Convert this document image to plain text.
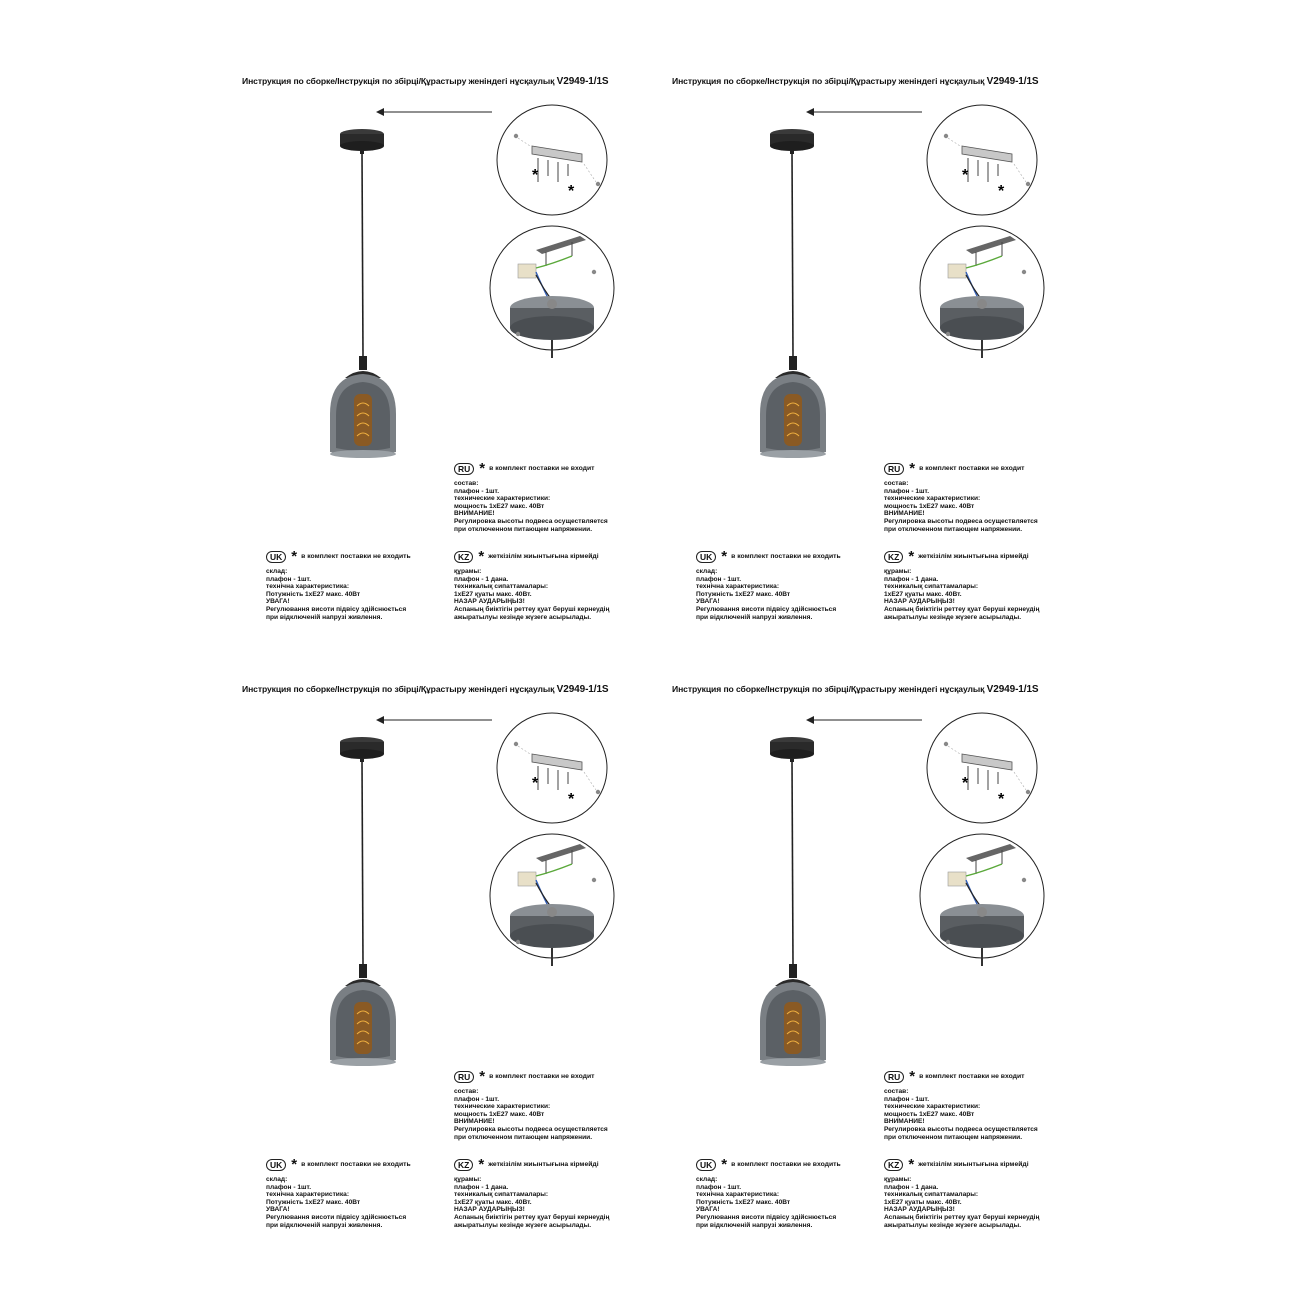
Инструкция по сборке/Інструкція по збірці/Құрастыру женіндегі нұсқаулық V2949-1/1S
*
*
RU * в комплект поставки не входит
состав:
плафон - 1шт.
технические характеристики:
мощность 1хЕ27 макс. 40Вт
ВНИМАНИЕ!
Регулировка высоты подвеса осуществляется
при отключенном питающем напряжении.
UK * в комплект поставки не входить
склад:
плафон - 1шт.
технічна характеристика:
Потужність 1хЕ27 макс. 40Вт
УВАГА!
Регулювання висоти підвісу здійснюється
при відключеній напрузі живлення.
KZ * жеткізілім жиынтығына кірмейді
құрамы:
плафон - 1 дана.
техникалық сипаттамалары:
1хЕ27 қуаты макс. 40Вт.
НАЗАР АУДАРЫҢЫЗ!
Аспаның биіктігін реттеу қуат беруші кернеудің
ажыратылуы кезінде жүзеге асырылады.
Инструкция по сборке/Інструкція по збірці/Құрастыру женіндегі нұсқаулық V2949-1/1S
*
*
RU * в комплект поставки не входит
состав:
плафон - 1шт.
технические характеристики:
мощность 1хЕ27 макс. 40Вт
ВНИМАНИЕ!
Регулировка высоты подвеса осуществляется
при отключенном питающем напряжении.
UK * в комплект поставки не входить
склад:
плафон - 1шт.
технічна характеристика:
Потужність 1хЕ27 макс. 40Вт
УВАГА!
Регулювання висоти підвісу здійснюється
при відключеній напрузі живлення.
KZ * жеткізілім жиынтығына кірмейді
құрамы:
плафон - 1 дана.
техникалық сипаттамалары:
1хЕ27 қуаты макс. 40Вт.
НАЗАР АУДАРЫҢЫЗ!
Аспаның биіктігін реттеу қуат беруші кернеудің
ажыратылуы кезінде жүзеге асырылады.
Инструкция по сборке/Інструкція по збірці/Құрастыру женіндегі нұсқаулық V2949-1/1S
*
*
RU * в комплект поставки не входит
состав:
плафон - 1шт.
технические характеристики:
мощность 1хЕ27 макс. 40Вт
ВНИМАНИЕ!
Регулировка высоты подвеса осуществляется
при отключенном питающем напряжении.
UK * в комплект поставки не входить
склад:
плафон - 1шт.
технічна характеристика:
Потужність 1хЕ27 макс. 40Вт
УВАГА!
Регулювання висоти підвісу здійснюється
при відключеній напрузі живлення.
KZ * жеткізілім жиынтығына кірмейді
құрамы:
плафон - 1 дана.
техникалық сипаттамалары:
1хЕ27 қуаты макс. 40Вт.
НАЗАР АУДАРЫҢЫЗ!
Аспаның биіктігін реттеу қуат беруші кернеудің
ажыратылуы кезінде жүзеге асырылады.
Инструкция по сборке/Інструкція по збірці/Құрастыру женіндегі нұсқаулық V2949-1/1S
*
*
RU * в комплект поставки не входит
состав:
плафон - 1шт.
технические характеристики:
мощность 1хЕ27 макс. 40Вт
ВНИМАНИЕ!
Регулировка высоты подвеса осуществляется
при отключенном питающем напряжении.
UK * в комплект поставки не входить
склад:
плафон - 1шт.
технічна характеристика:
Потужність 1хЕ27 макс. 40Вт
УВАГА!
Регулювання висоти підвісу здійснюється
при відключеній напрузі живлення.
KZ * жеткізілім жиынтығына кірмейді
құрамы:
плафон - 1 дана.
техникалық сипаттамалары:
1хЕ27 қуаты макс. 40Вт.
НАЗАР АУДАРЫҢЫЗ!
Аспаның биіктігін реттеу қуат беруші кернеудің
ажыратылуы кезінде жүзеге асырылады.
